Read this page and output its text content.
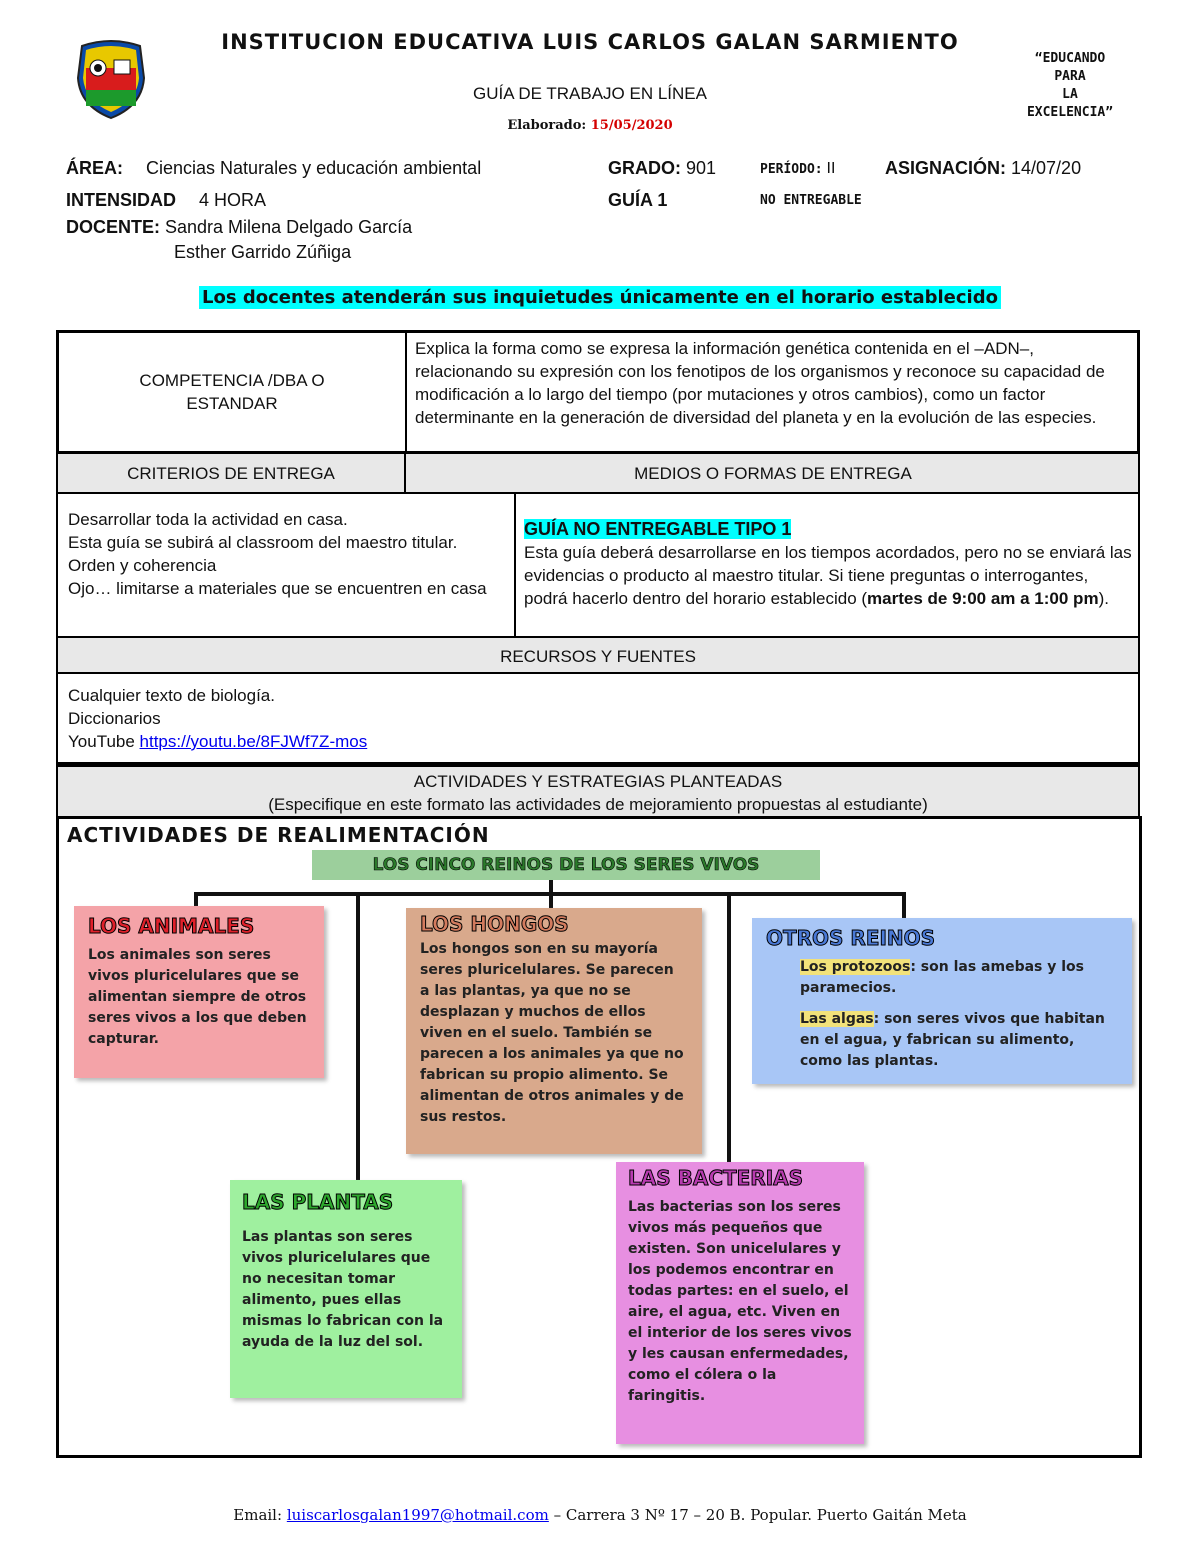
INSTITUCION EDUCATIVA LUIS CARLOS GALAN SARMIENTO
GUÍA DE TRABAJO EN LÍNEA
Elaborado: 15/05/2020
“EDUCANDO
PARA
LA
EXCELENCIA”
ÁREA: Ciencias Naturales y educación ambiental	GRADO: 901	PERÍODO: II	ASIGNACIÓN: 14/07/20
INTENSIDAD 4 HORA	GUÍA 1	NO ENTREGABLE
DOCENTE: Sandra Milena Delgado García
Esther Garrido Zúñiga
Los docentes atenderán sus inquietudes únicamente en el horario establecido
COMPETENCIA /DBA O ESTANDAR
Explica la forma como se expresa la información genética contenida en el –ADN–, relacionando su expresión con los fenotipos de los organismos y reconoce su capacidad de modificación a lo largo del tiempo (por mutaciones y otros cambios), como un factor determinante en la generación de diversidad del planeta y en la evolución de las especies.
CRITERIOS DE ENTREGA	MEDIOS O FORMAS DE ENTREGA
Desarrollar toda la actividad en casa.
Esta guía se subirá al classroom del maestro titular.
Orden y coherencia
Ojo… limitarse a materiales que se encuentren en casa
GUÍA NO ENTREGABLE TIPO 1
Esta guía deberá desarrollarse en los tiempos acordados, pero no se enviará las evidencias o producto al maestro titular. Si tiene preguntas o interrogantes, podrá hacerlo dentro del horario establecido (martes de 9:00 am a 1:00 pm).
RECURSOS Y FUENTES
Cualquier texto de biología.
Diccionarios
YouTube https://youtu.be/8FJWf7Z-mos
ACTIVIDADES Y ESTRATEGIAS PLANTEADAS
(Especifique en este formato las actividades de mejoramiento propuestas al estudiante)
ACTIVIDADES DE REALIMENTACIÓN
LOS CINCO REINOS DE LOS SERES VIVOS
LOS ANIMALES
Los animales son seres vivos pluricelulares que se alimentan siempre de otros seres vivos a los que deben capturar.
LOS HONGOS
Los hongos son en su mayoría seres pluricelulares. Se parecen a las plantas, ya que no se desplazan y muchos de ellos viven en el suelo. También se parecen a los animales ya que no fabrican su propio alimento. Se alimentan de otros animales y de sus restos.
OTROS REINOS
Los protozoos: son las amebas y los paramecios.
Las algas: son seres vivos que habitan en el agua, y fabrican su alimento, como las plantas.
LAS PLANTAS
Las plantas son seres vivos pluricelulares que no necesitan tomar alimento, pues ellas mismas lo fabrican con la ayuda de la luz del sol.
LAS BACTERIAS
Las bacterias son los seres vivos más pequeños que existen. Son unicelulares y los podemos encontrar en todas partes: en el suelo, el aire, el agua, etc. Viven en el interior de los seres vivos y les causan enfermedades, como el cólera o la faringitis.
Email: luiscarlosgalan1997@hotmail.com – Carrera 3 Nº 17 – 20 B. Popular. Puerto Gaitán Meta
